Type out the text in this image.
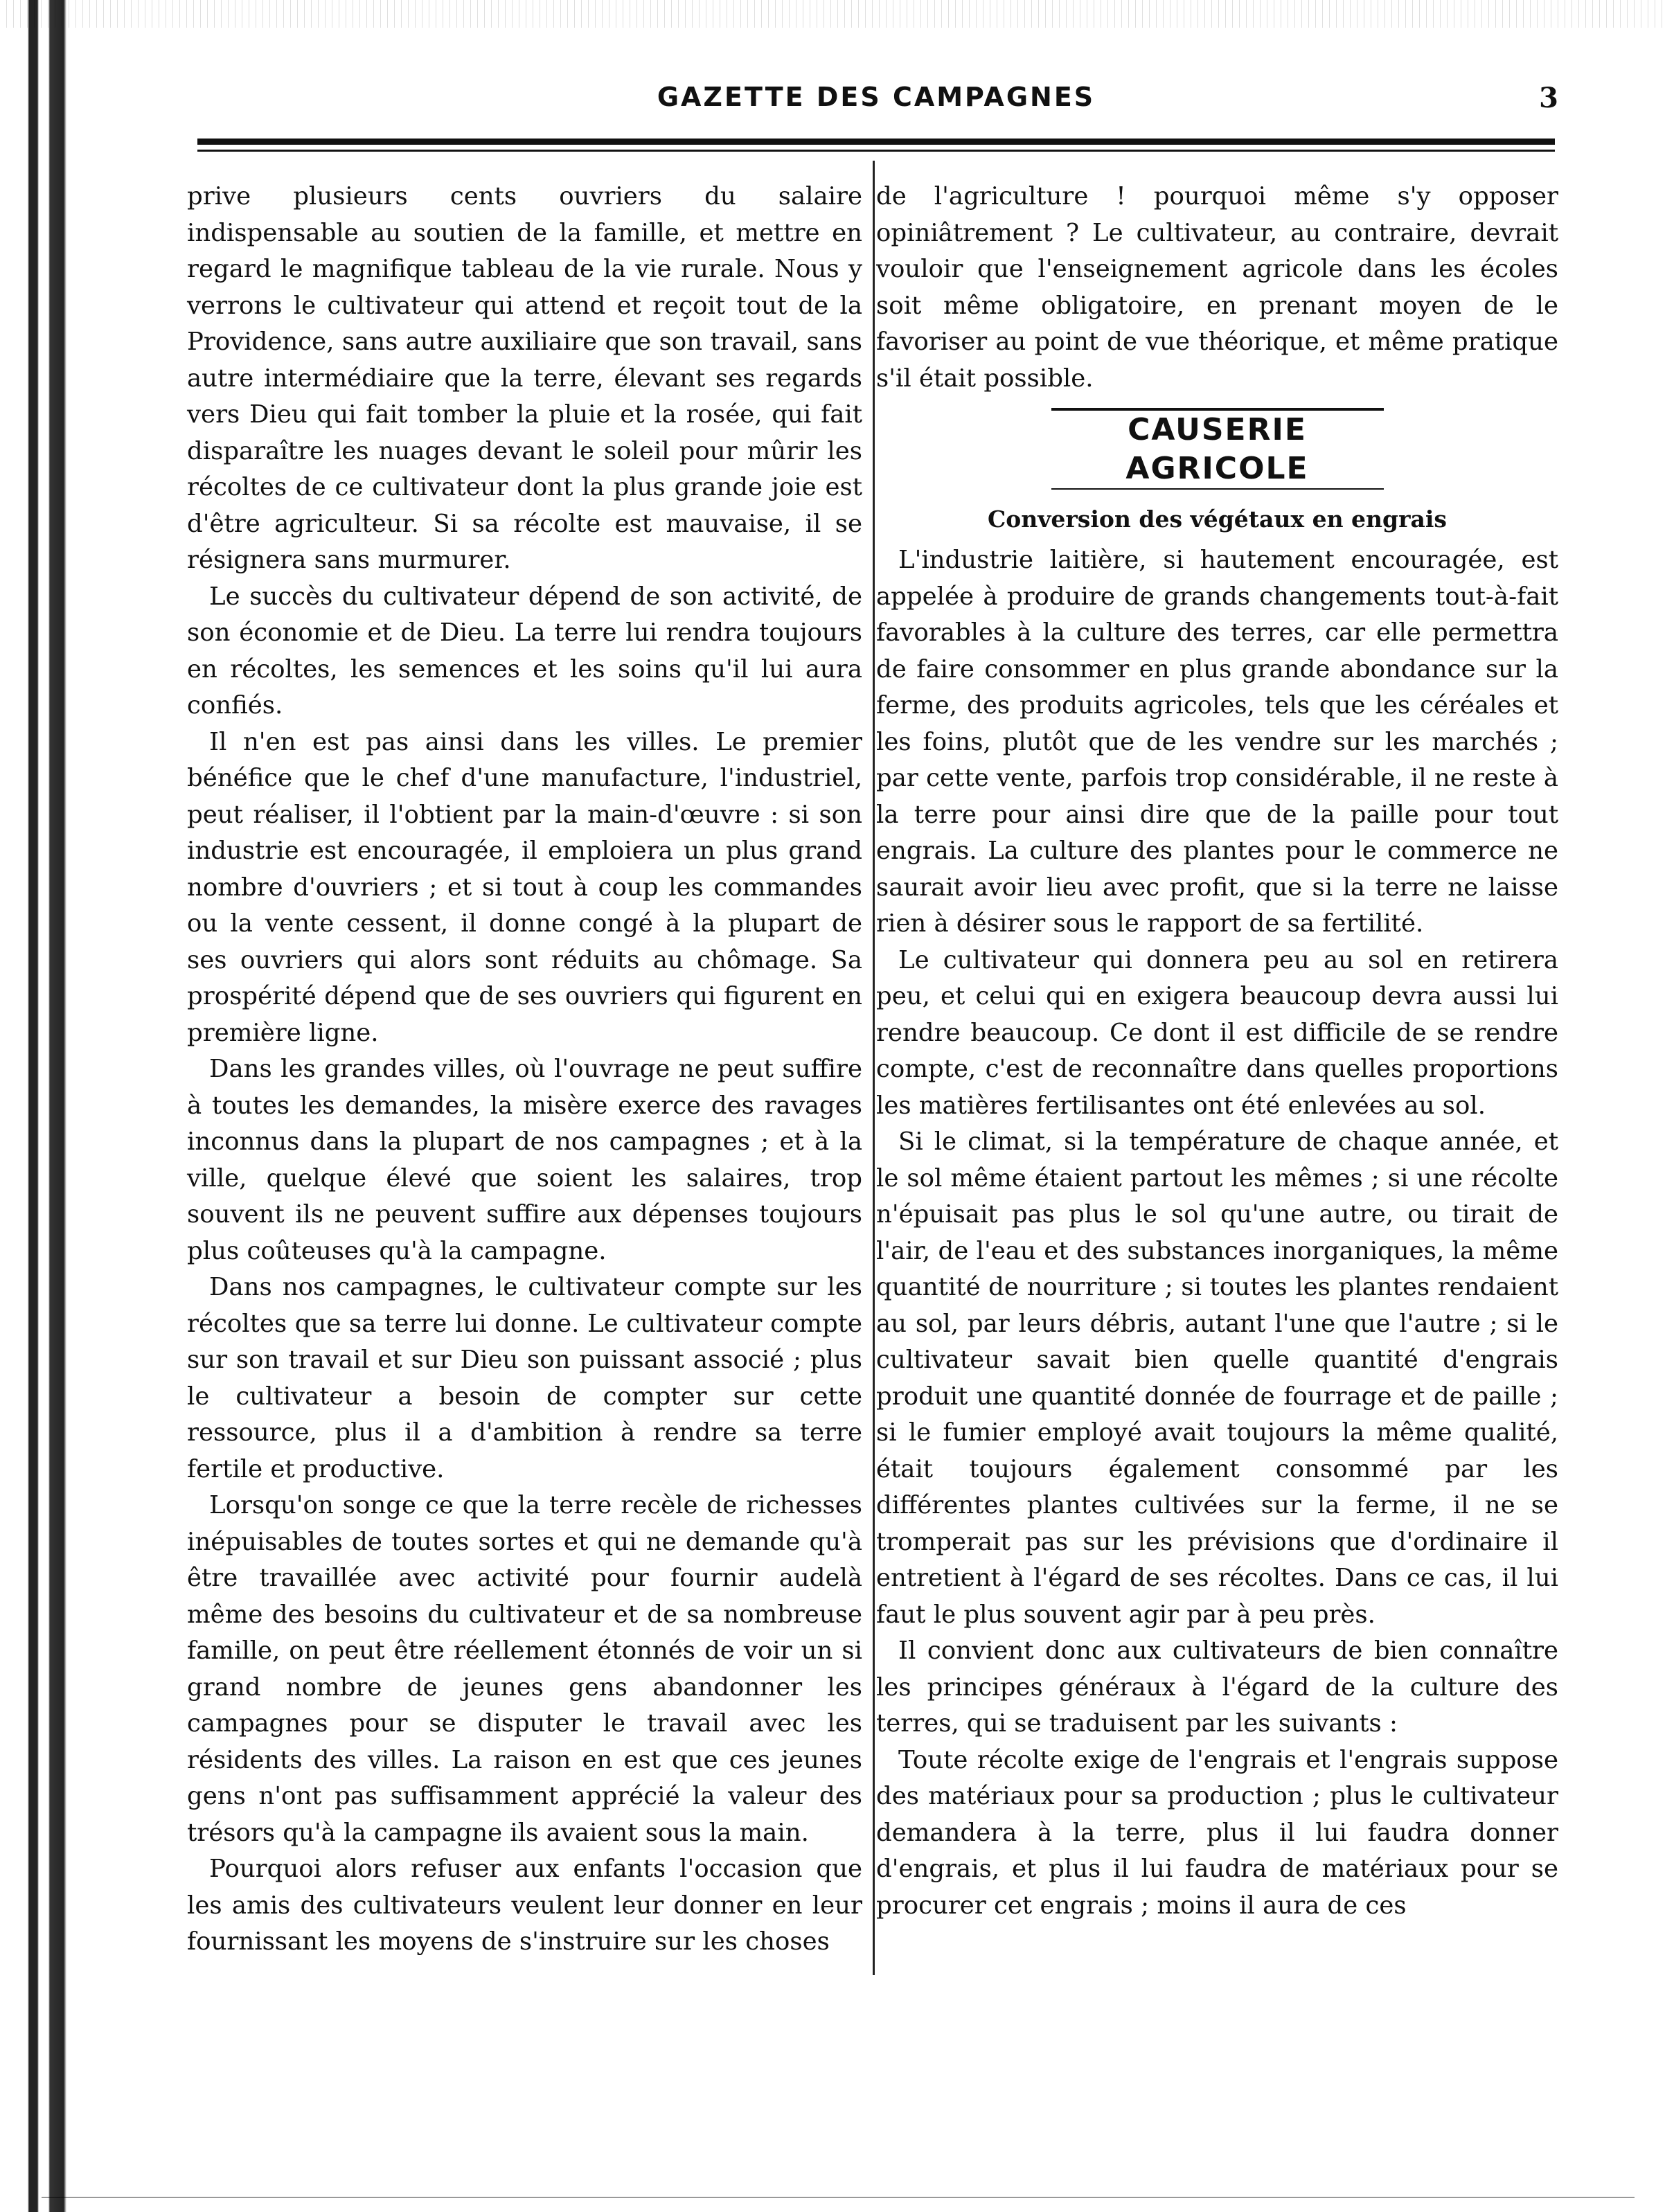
GAZETTE DES CAMPAGNES	3

prive plusieurs cents ouvriers du salaire indispensable au soutien de la famille, et mettre en regard le magnifique tableau de la vie rurale. Nous y verrons le cultivateur qui attend et reçoit tout de la Providence, sans autre auxiliaire que son travail, sans autre intermédiaire que la terre, élevant ses regards vers Dieu qui fait tomber la pluie et la rosée, qui fait disparaître les nuages devant le soleil pour mûrir les récoltes de ce cultivateur dont la plus grande joie est d'être agriculteur. Si sa récolte est mauvaise, il se résignera sans murmurer.

Le succès du cultivateur dépend de son activité, de son économie et de Dieu. La terre lui rendra toujours en récoltes, les semences et les soins qu'il lui aura confiés.

Il n'en est pas ainsi dans les villes. Le premier bénéfice que le chef d'une manufacture, l'industriel, peut réaliser, il l'obtient par la main-d'œuvre : si son industrie est encouragée, il emploiera un plus grand nombre d'ouvriers ; et si tout à coup les commandes ou la vente cessent, il donne congé à la plupart de ses ouvriers qui alors sont réduits au chômage. Sa prospérité dépend que de ses ouvriers qui figurent en première ligne.

Dans les grandes villes, où l'ouvrage ne peut suffire à toutes les demandes, la misère exerce des ravages inconnus dans la plupart de nos campagnes ; et à la ville, quelque élevé que soient les salaires, trop souvent ils ne peuvent suffire aux dépenses toujours plus coûteuses qu'à la campagne.

Dans nos campagnes, le cultivateur compte sur les récoltes que sa terre lui donne. Le cultivateur compte sur son travail et sur Dieu son puissant associé ; plus le cultivateur a besoin de compter sur cette ressource, plus il a d'ambition à rendre sa terre fertile et productive.

Lorsqu'on songe ce que la terre recèle de richesses inépuisables de toutes sortes et qui ne demande qu'à être travaillée avec activité pour fournir audelà même des besoins du cultivateur et de sa nombreuse famille, on peut être réellement étonnés de voir un si grand nombre de jeunes gens abandonner les campagnes pour se disputer le travail avec les résidents des villes. La raison en est que ces jeunes gens n'ont pas suffisamment apprécié la valeur des trésors qu'à la campagne ils avaient sous la main.

Pourquoi alors refuser aux enfants l'occasion que les amis des cultivateurs veulent leur donner en leur fournissant les moyens de s'instruire sur les choses

de l'agriculture ! pourquoi même s'y opposer opiniâtrement ? Le cultivateur, au contraire, devrait vouloir que l'enseignement agricole dans les écoles soit même obligatoire, en prenant moyen de le favoriser au point de vue théorique, et même pratique s'il était possible.

CAUSERIE AGRICOLE
Conversion des végétaux en engrais

L'industrie laitière, si hautement encouragée, est appelée à produire de grands changements tout-à-fait favorables à la culture des terres, car elle permettra de faire consommer en plus grande abondance sur la ferme, des produits agricoles, tels que les céréales et les foins, plutôt que de les vendre sur les marchés ; par cette vente, parfois trop considérable, il ne reste à la terre pour ainsi dire que de la paille pour tout engrais. La culture des plantes pour le commerce ne saurait avoir lieu avec profit, que si la terre ne laisse rien à désirer sous le rapport de sa fertilité.

Le cultivateur qui donnera peu au sol en retirera peu, et celui qui en exigera beaucoup devra aussi lui rendre beaucoup. Ce dont il est difficile de se rendre compte, c'est de reconnaître dans quelles proportions les matières fertilisantes ont été enlevées au sol.

Si le climat, si la température de chaque année, et le sol même étaient partout les mêmes ; si une récolte n'épuisait pas plus le sol qu'une autre, ou tirait de l'air, de l'eau et des substances inorganiques, la même quantité de nourriture ; si toutes les plantes rendaient au sol, par leurs débris, autant l'une que l'autre ; si le cultivateur savait bien quelle quantité d'engrais produit une quantité donnée de fourrage et de paille ; si le fumier employé avait toujours la même qualité, était toujours également consommé par les différentes plantes cultivées sur la ferme, il ne se tromperait pas sur les prévisions que d'ordinaire il entretient à l'égard de ses récoltes. Dans ce cas, il lui faut le plus souvent agir par à peu près.

Il convient donc aux cultivateurs de bien connaître les principes généraux à l'égard de la culture des terres, qui se traduisent par les suivants :

Toute récolte exige de l'engrais et l'engrais suppose des matériaux pour sa production ; plus le cultivateur demandera à la terre, plus il lui faudra donner d'engrais, et plus il lui faudra de matériaux pour se procurer cet engrais ; moins il aura de ces
